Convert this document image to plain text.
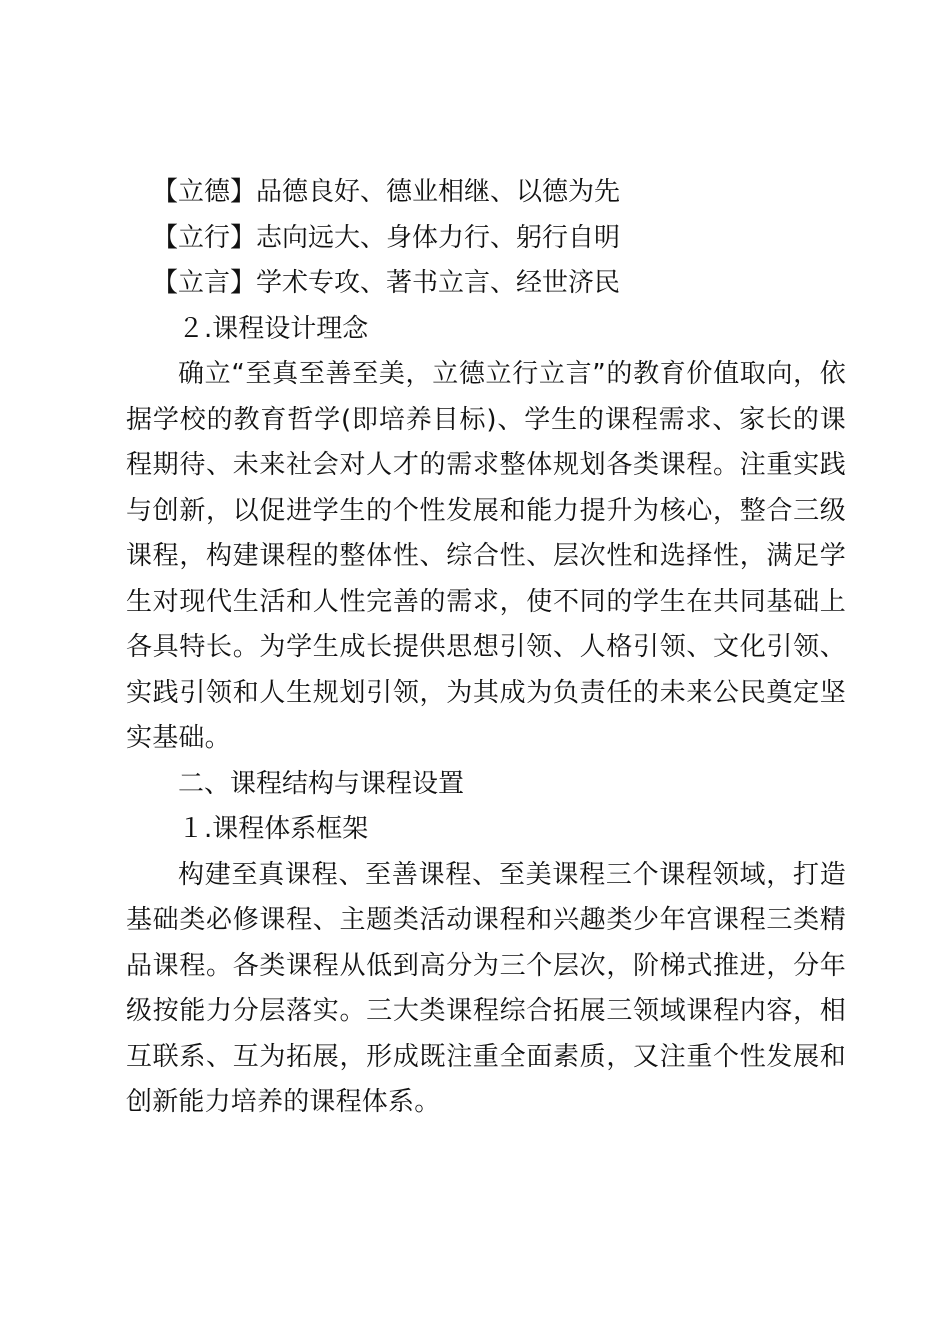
【立德】品德良好、德业相继、以德为先

【立行】志向远大、身体力行、躬行自明

【立言】学术专攻、著书立言、经世济民

２.课程设计理念

确立“至真至善至美，立德立行立言”的教育价值取向，依据学校的教育哲学(即培养目标)、学生的课程需求、家长的课程期待、未来社会对人才的需求整体规划各类课程。注重实践与创新，以促进学生的个性发展和能力提升为核心，整合三级课程，构建课程的整体性、综合性、层次性和选择性，满足学生对现代生活和人性完善的需求，使不同的学生在共同基础上各具特长。为学生成长提供思想引领、人格引领、文化引领、实践引领和人生规划引领，为其成为负责任的未来公民奠定坚实基础。

二、课程结构与课程设置

１.课程体系框架

构建至真课程、至善课程、至美课程三个课程领域，打造基础类必修课程、主题类活动课程和兴趣类少年宫课程三类精品课程。各类课程从低到高分为三个层次，阶梯式推进，分年级按能力分层落实。三大类课程综合拓展三领域课程内容，相互联系、互为拓展，形成既注重全面素质，又注重个性发展和创新能力培养的课程体系。
